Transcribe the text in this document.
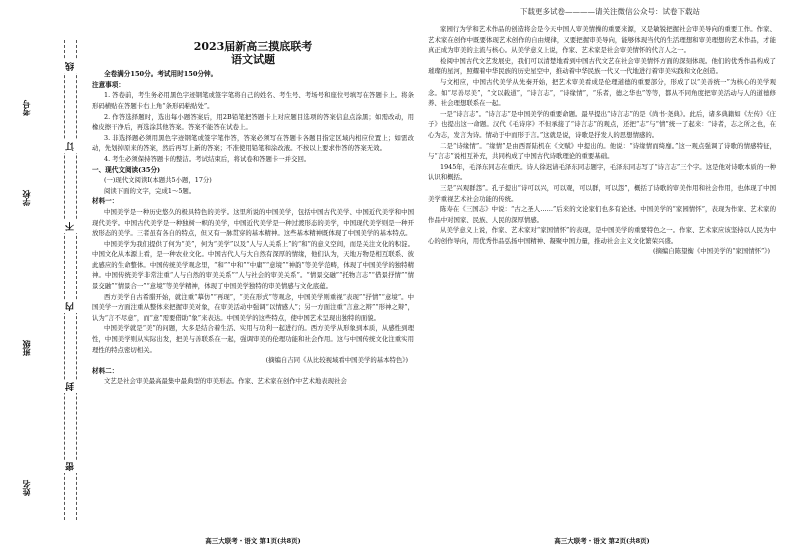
下载更多试卷————请关注微信公众号：试卷下载站
姓名
班级
学校
考号
线
订
不
内
封
密
2023届新高三摸底联考
语文试题
全卷满分150分。考试用时150分钟。
注意事项：
1. 答卷前，考生务必用黑色字迹钢笔或签字笔将自己的姓名、考生号、考场号和座位号填写在答题卡上。将条形码横贴在答题卡右上角“条形码粘贴处”。
2. 作答选择题时，选出每小题答案后，用2B铅笔把答题卡上对应题目选项的答案信息点涂黑；如需改动，用橡皮擦干净后，再选涂其他答案。答案不能答在试卷上。
3. 非选择题必须用黑色字迹钢笔或签字笔作答，答案必须写在答题卡各题目指定区域内相应位置上；如需改动，先划掉原来的答案，然后再写上新的答案；不准使用铅笔和涂改液。不按以上要求作答的答案无效。
4. 考生必须保持答题卡的整洁。考试结束后，将试卷和答题卡一并交回。
一、现代文阅读(35分)
(一)现代文阅读Ⅰ(本题共5小题，17分)
阅读下面的文字，完成1～5题。
材料一：
中国美学是一种历史悠久的极具特色的美学。这里所说的中国美学，包括中国古代美学、中国近代美学和中国现代美学。中国古代美学是一种独树一帜的美学，中国近代美学是一种过渡形态的美学，中国现代美学则是一种开放形态的美学。三者虽有各自的特点，但又有一脉贯穿的基本精神。这些基本精神既体现了中国美学的基本特点。
中国美学为我们提供了何为“美”，何为“美学”以及“人与人关系上”的“和”的意义空间，而是关注文化的积淀。中国文化从本源上看，是一种农业文化。中国古代人与大自然有深厚的情缘，他们认为，天地万物是相互联系、彼此感应的生命整体。中国传统美学观念里，“和”“中和”“中庸”“意境”“神韵”等美学范畴，体现了中国美学的独特精神。中国传统美学非常注重“人与自然的审美关系”“人与社会的审美关系”。“情景交融”“托物言志”“借景抒情”“情景交融”“情景合一”“意境”等美学精神，体现了中国美学独特的审美情感与文化底蕴。
西方美学自古希腊开始，就注重“摹仿”“再现”，“美在形式”等观念，中国美学则重视“表现”“抒情”“意境”。中国美学一方面注重从整体来把握审美对象，在审美活动中强调“以情感人”；另一方面注重“言意之辩”“形神之辩”，认为“言不尽意”，而“意”需要借助“象”来表达。中国美学的这些特点，使中国艺术呈现出独特的面貌。
中国美学就是“美”的问题，大多是结合着生活、实用与功利一起进行的。西方美学从形象到本质，从感性到理性，中国美学则从实际出发，把美与善联系在一起，强调审美的伦理功能和社会作用。这与中国传统文化注重实用理性的特点密切相关。
(摘编自吉同《从比较视域看中国美学的基本特色》)
材料二：
文艺是社会审美最高最集中最典型的审美形态。作家、艺术家在创作中艺术地表现社会
家园行为学和艺术作品的创造将会是今天中国人审美情操的重要来源，又是敏锐把握社会审美导向的重要工作。作家、艺术家在创作中既要体现艺术创作的自由规律，又要把握审美导向，能够体现当代的生活理想和审美理想的艺术作品，才能真正成为审美的主流与核心。从美学意义上说，作家、艺术家是社会审美情怀的代言人之一。
检阅中国古代文艺发展史，我们可以清楚地看到中国古代文艺在社会审美情怀方面的深刻体现。他们的优秀作品构成了璀璨的星河，照耀着中华民族的历史星空中，推动着中华民族一代又一代地进行着审美实践和文化创造。
与文相应，中国古代美学从先秦开始，把艺术审美看成是伦理道德的重要部分，形成了以“美善统一”为核心的美学观念。如“尽善尽美”，“文以载道”，“诗言志”，“诗缘情”，“乐者，德之华也”等等，都从不同角度把审美活动与人的道德修养、社会理想联系在一起。
一是“诗言志”。“诗言志”是中国美学的重要命题。最早提出“诗言志”的是《尚书·尧典》。此后，诸多典籍如《左传》《庄子》也提出这一命题。汉代《毛诗序》不但承接了“诗言志”的观点，还把“志”与“情”统一了起来：“诗者，志之所之也，在心为志，发言为诗。情动于中而形于言。”这就是说，诗歌是抒发人的思想情感的。
二是“诗缘情”。“缘情”是由西晋陆机在《文赋》中提出的。他说：“诗缘情而绮靡。”这一观点强调了诗歌的情感特征，与“言志”说相互补充，共同构成了中国古代诗歌理论的重要基础。
1945年，毛泽东同志在重庆。诗人徐迟请毛泽东同志题字，毛泽东同志写了“诗言志”三个字。这是他对诗歌本质的一种认识和概括。
三是“兴观群怨”。孔子提出“诗可以兴，可以观，可以群，可以怨”，概括了诗歌的审美作用和社会作用，也体现了中国美学重视艺术社会功能的传统。
陈寿在《三国志》中说：“古之圣人……”后来的文论家们也多有论述。中国美学的“家园情怀”，表现为作家、艺术家的作品中对国家、民族、人民的深厚情感。
从美学意义上说，作家、艺术家对“家国情怀”的表现，是中国美学的重要特色之一。作家、艺术家应该坚持以人民为中心的创作导向，用优秀作品弘扬中国精神、凝聚中国力量，推动社会主义文化繁荣兴盛。
(摘编自陈望衡《中国美学的“家国情怀”》)
高三大联考・语文 第1页(共8页)	高三大联考・语文 第2页(共8页)
